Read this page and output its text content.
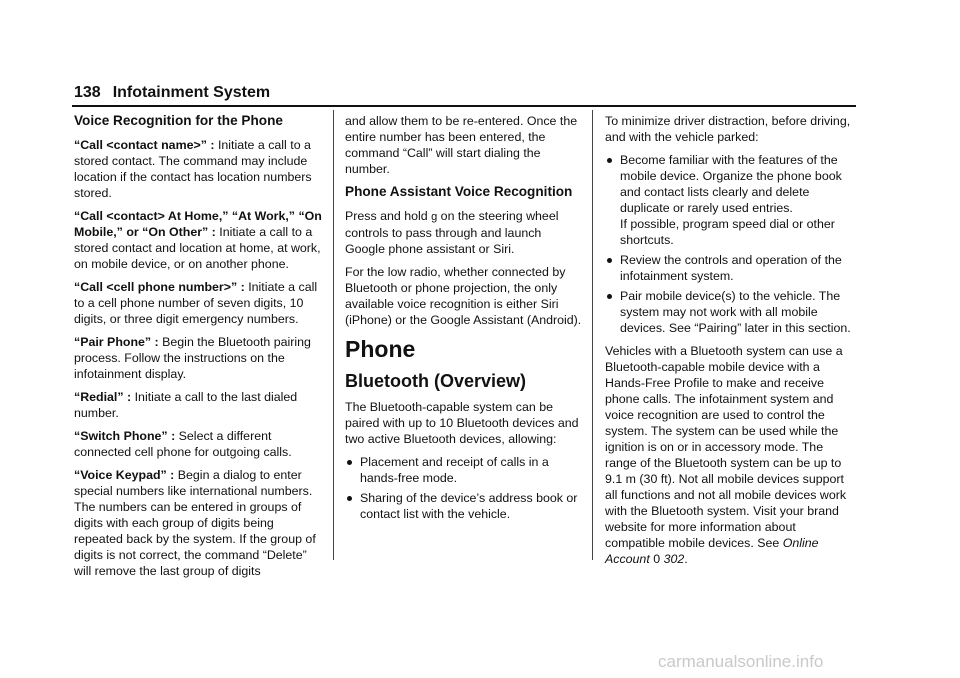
138 Infotainment System
Voice Recognition for the Phone

“Call <contact name>” : Initiate a call to a stored contact. The command may include location if the contact has location numbers stored.

“Call <contact> At Home,” “At Work,” “On Mobile,” or “On Other” : Initiate a call to a stored contact and location at home, at work, on mobile device, or on another phone.

“Call <cell phone number>” : Initiate a call to a cell phone number of seven digits, 10 digits, or three digit emergency numbers.

“Pair Phone” : Begin the Bluetooth pairing process. Follow the instructions on the infotainment display.

“Redial” : Initiate a call to the last dialed number.

“Switch Phone” : Select a different connected cell phone for outgoing calls.

“Voice Keypad” : Begin a dialog to enter special numbers like international numbers. The numbers can be entered in groups of digits with each group of digits being repeated back by the system. If the group of digits is not correct, the command “Delete” will remove the last group of digits

and allow them to be re-entered. Once the entire number has been entered, the command “Call” will start dialing the number.

Phone Assistant Voice Recognition

Press and hold g on the steering wheel controls to pass through and launch Google phone assistant or Siri.

For the low radio, whether connected by Bluetooth or phone projection, the only available voice recognition is either Siri (iPhone) or the Google Assistant (Android).

Phone
Bluetooth (Overview)

The Bluetooth-capable system can be paired with up to 10 Bluetooth devices and two active Bluetooth devices, allowing:

Placement and receipt of calls in a hands-free mode.
Sharing of the device’s address book or contact list with the vehicle.

To minimize driver distraction, before driving, and with the vehicle parked:

Become familiar with the features of the mobile device. Organize the phone book and contact lists clearly and delete duplicate or rarely used entries.
If possible, program speed dial or other shortcuts.
Review the controls and operation of the infotainment system.
Pair mobile device(s) to the vehicle. The system may not work with all mobile devices. See “Pairing” later in this section.

Vehicles with a Bluetooth system can use a Bluetooth-capable mobile device with a Hands-Free Profile to make and receive phone calls. The infotainment system and voice recognition are used to control the system. The system can be used while the ignition is on or in accessory mode. The range of the Bluetooth system can be up to 9.1 m (30 ft). Not all mobile devices support all functions and not all mobile devices work with the Bluetooth system. Visit your brand website for more information about compatible mobile devices. See Online Account 0 302.

carmanualsonline.info
